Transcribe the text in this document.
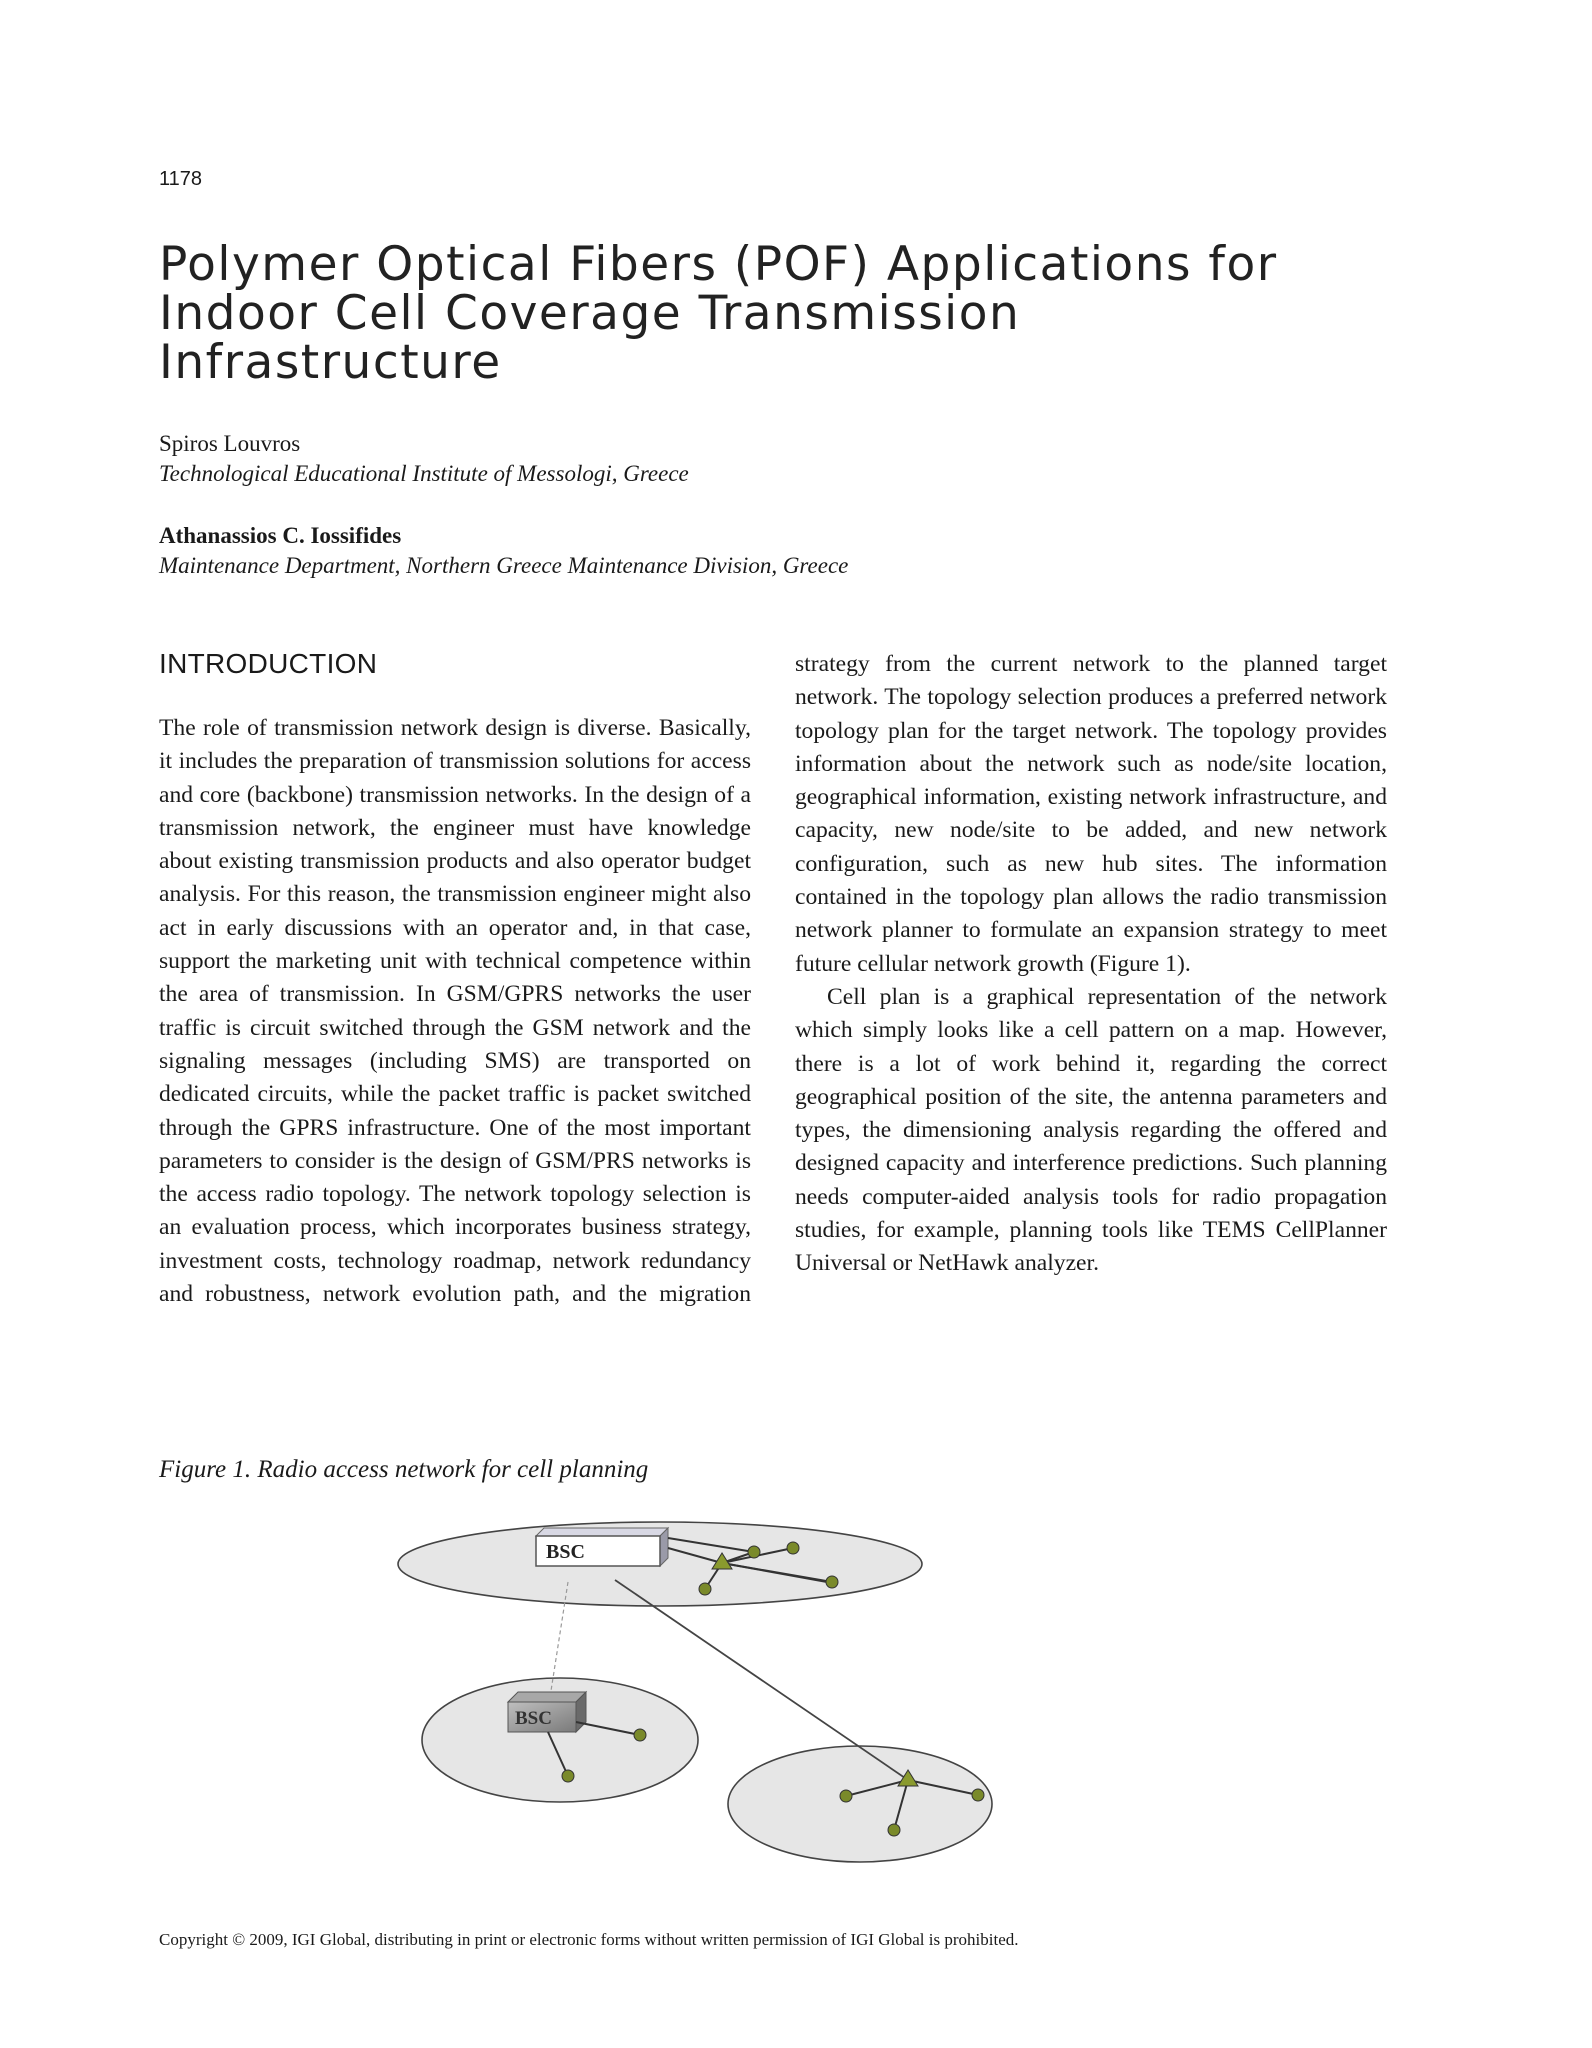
1178
Polymer Optical Fibers (POF) Applications for Indoor Cell Coverage Transmission Infrastructure
Spiros Louvros
Technological Educational Institute of Messologi, Greece
Athanassios C. Iossifides
Maintenance Department, Northern Greece Maintenance Division, Greece
INTRODUCTION

The role of transmission network design is diverse. Basically, it includes the preparation of transmission solutions for access and core (backbone) transmission networks. In the design of a transmission network, the engineer must have knowledge about existing transmission products and also operator budget analysis. For this reason, the transmission engineer might also act in early discussions with an operator and, in that case, support the marketing unit with technical competence within the area of transmission. In GSM/GPRS networks the user traffic is circuit switched through the GSM network and the signaling messages (including SMS) are transported on dedicated circuits, while the packet traffic is packet switched through the GPRS infrastructure. One of the most important parameters to consider is the design of GSM/PRS networks is the access radio topology. The network topology selection is an evaluation process, which incorporates business strategy, investment costs, technology roadmap, network redundancy and robustness, network evolution path, and the migration

strategy from the current network to the planned target network. The topology selection produces a preferred network topology plan for the target network. The topology provides information about the network such as node/site location, geographical information, existing network infrastructure, and capacity, new node/site to be added, and new network configuration, such as new hub sites. The information contained in the topology plan allows the radio transmission network planner to formulate an expansion strategy to meet future cellular network growth (Figure 1).

Cell plan is a graphical representation of the network which simply looks like a cell pattern on a map. However, there is a lot of work behind it, regarding the correct geographical position of the site, the antenna parameters and types, the dimensioning analysis regarding the offered and designed capacity and interference predictions. Such planning needs computer-aided analysis tools for radio propagation studies, for example, planning tools like TEMS CellPlanner Universal or NetHawk analyzer.

Figure 1. Radio access network for cell planning
BSC
BSC
Copyright © 2009, IGI Global, distributing in print or electronic forms without written permission of IGI Global is prohibited.
